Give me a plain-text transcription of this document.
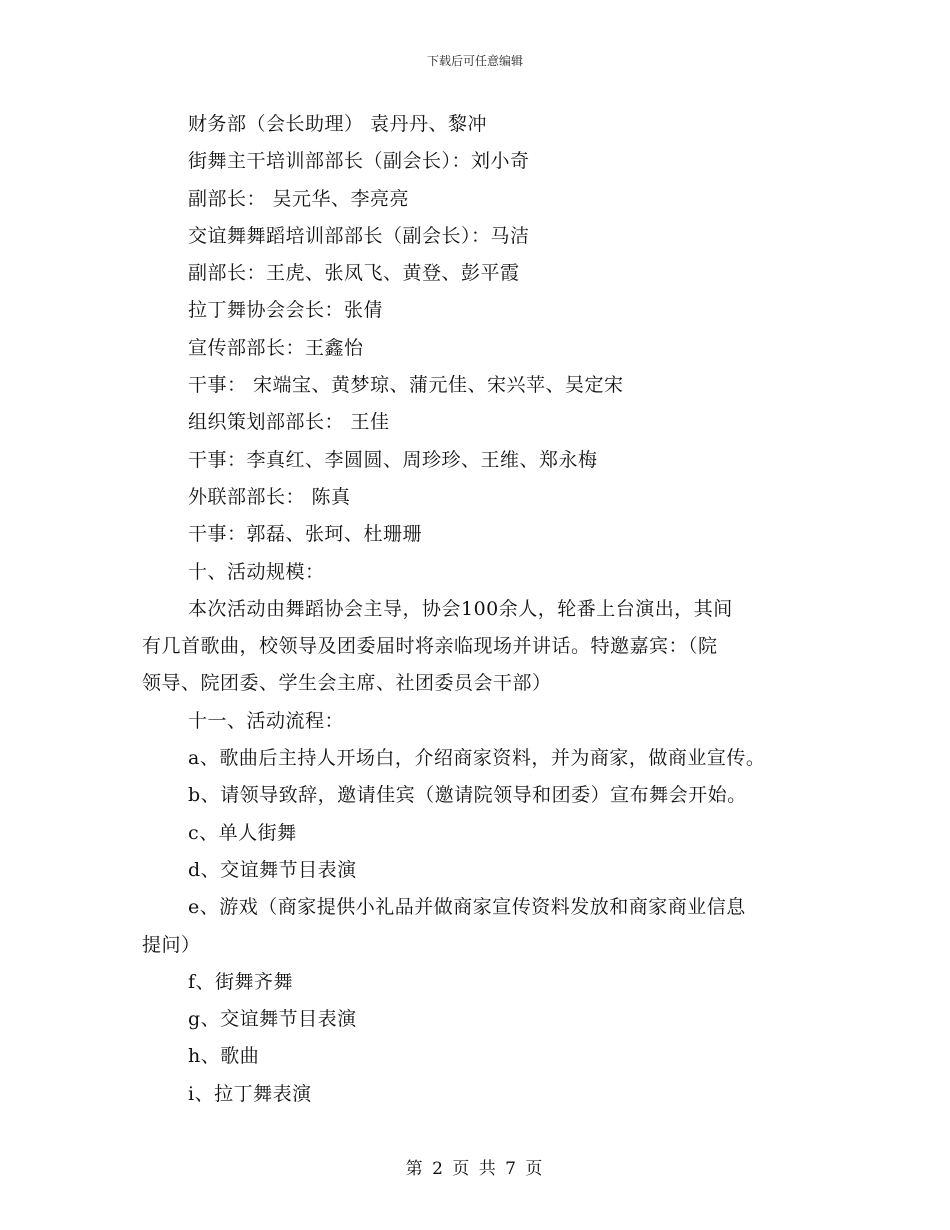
下载后可任意编辑
财务部（会长助理） 袁丹丹、黎冲
街舞主干培训部部长（副会长）：刘小奇
副部长： 吴元华、李亮亮
交谊舞舞蹈培训部部长（副会长）：马洁
副部长：王虎、张凤飞、黄登、彭平霞
拉丁舞协会会长：张倩
宣传部部长：王鑫怡
干事： 宋端宝、黄梦琼、蒲元佳、宋兴苹、吴定宋
组织策划部部长： 王佳
干事：李真红、李圆圆、周珍珍、王维、郑永梅
外联部部长： 陈真
干事：郭磊、张珂、杜珊珊
十、活动规模：
本次活动由舞蹈协会主导，协会100余人，轮番上台演出，其间
有几首歌曲，校领导及团委届时将亲临现场并讲话。特邀嘉宾：（院
领导、院团委、学生会主席、社团委员会干部）
十一、活动流程：
a、歌曲后主持人开场白，介绍商家资料，并为商家，做商业宣传。
b、请领导致辞，邀请佳宾（邀请院领导和团委）宣布舞会开始。
c、单人街舞
d、交谊舞节目表演
e、游戏（商家提供小礼品并做商家宣传资料发放和商家商业信息
提问）
f、街舞齐舞
g、交谊舞节目表演
h、歌曲
i、拉丁舞表演
第 2 页 共 7 页
